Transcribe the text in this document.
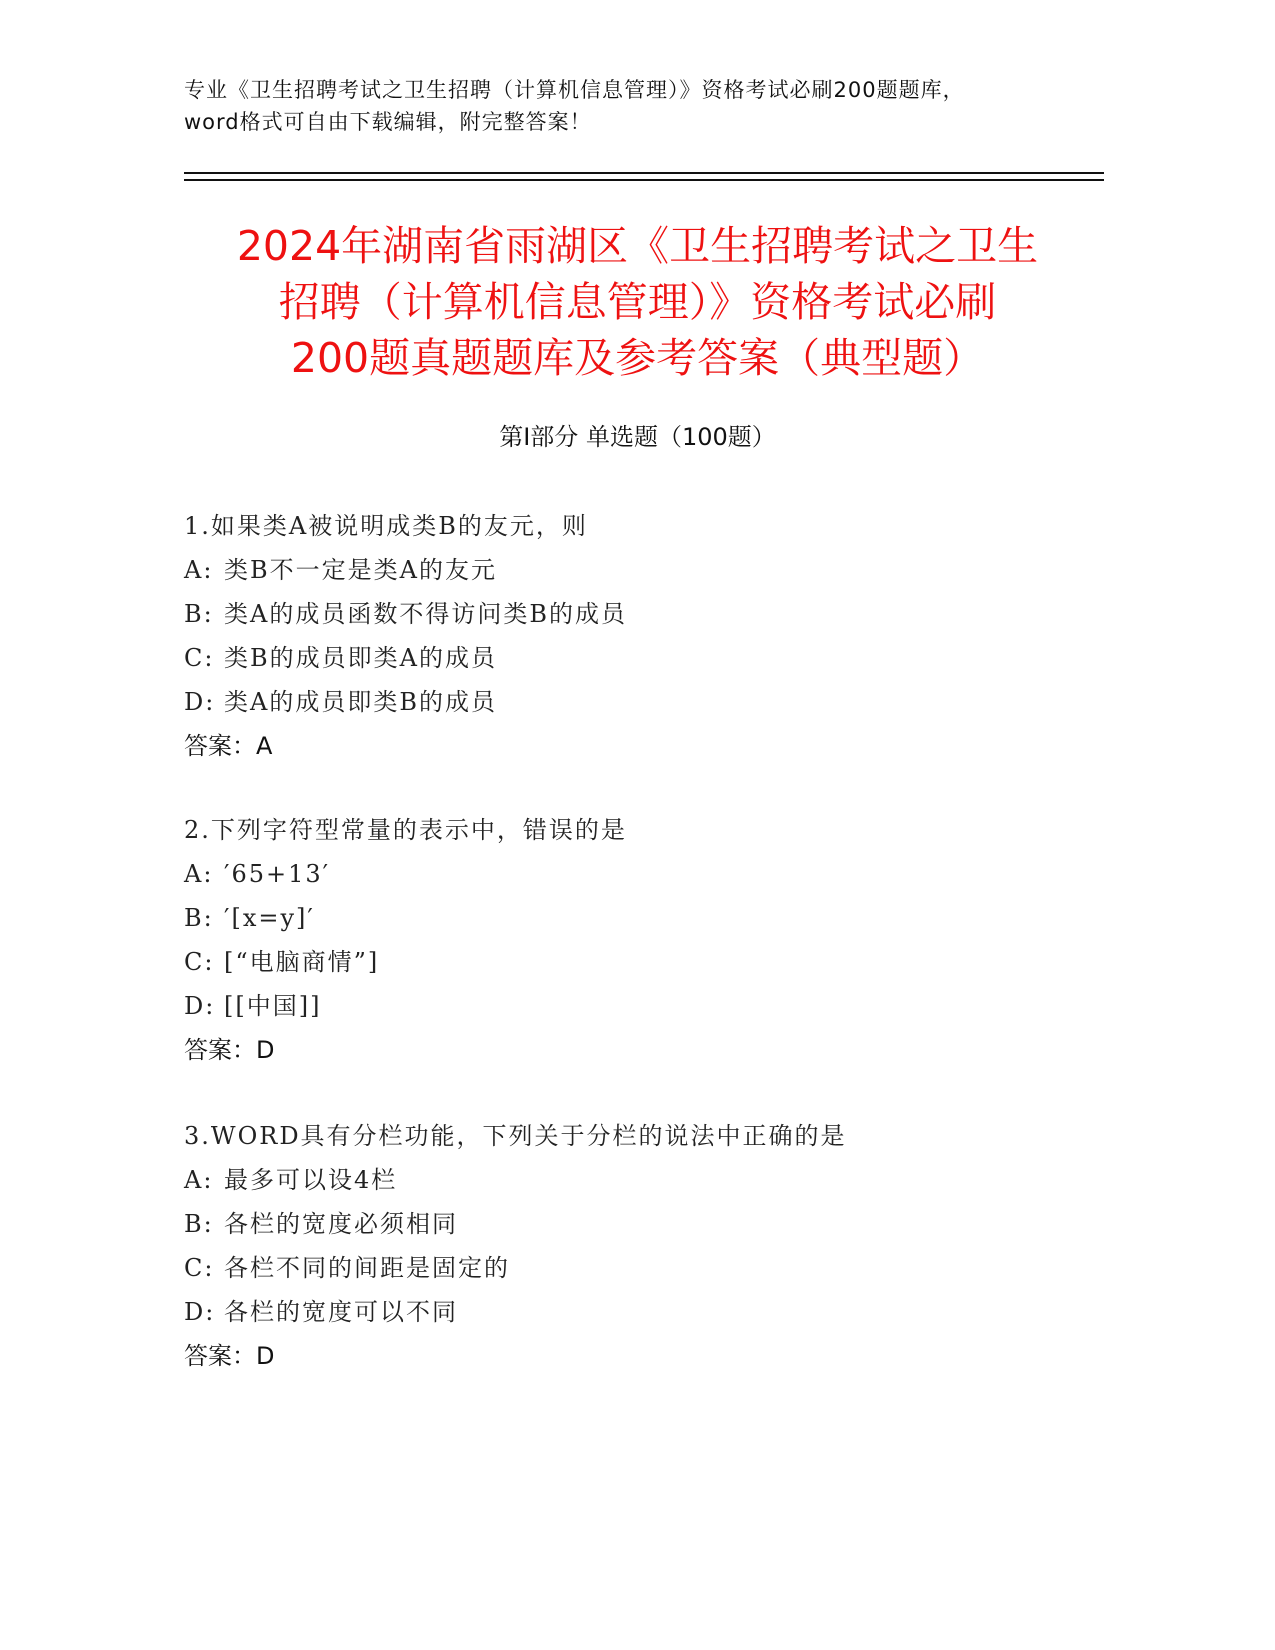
专业《卫生招聘考试之卫生招聘（计算机信息管理）》资格考试必刷200题题库，
word格式可自由下载编辑，附完整答案！
2024年湖南省雨湖区《卫生招聘考试之卫生
招聘（计算机信息管理）》资格考试必刷
200题真题题库及参考答案（典型题）
第Ⅰ部分 单选题（100题）
1.如果类A被说明成类B的友元，则
A: 类B不一定是类A的友元
B: 类A的成员函数不得访问类B的成员
C: 类B的成员即类A的成员
D: 类A的成员即类B的成员
答案：A
2.下列字符型常量的表示中，错误的是
A: ′65+13′
B: ′[x=y]′
C: [“电脑商情”]
D: [[中国]]
答案：D
3.WORD具有分栏功能，下列关于分栏的说法中正确的是
A: 最多可以设4栏
B: 各栏的宽度必须相同
C: 各栏不同的间距是固定的
D: 各栏的宽度可以不同
答案：D
